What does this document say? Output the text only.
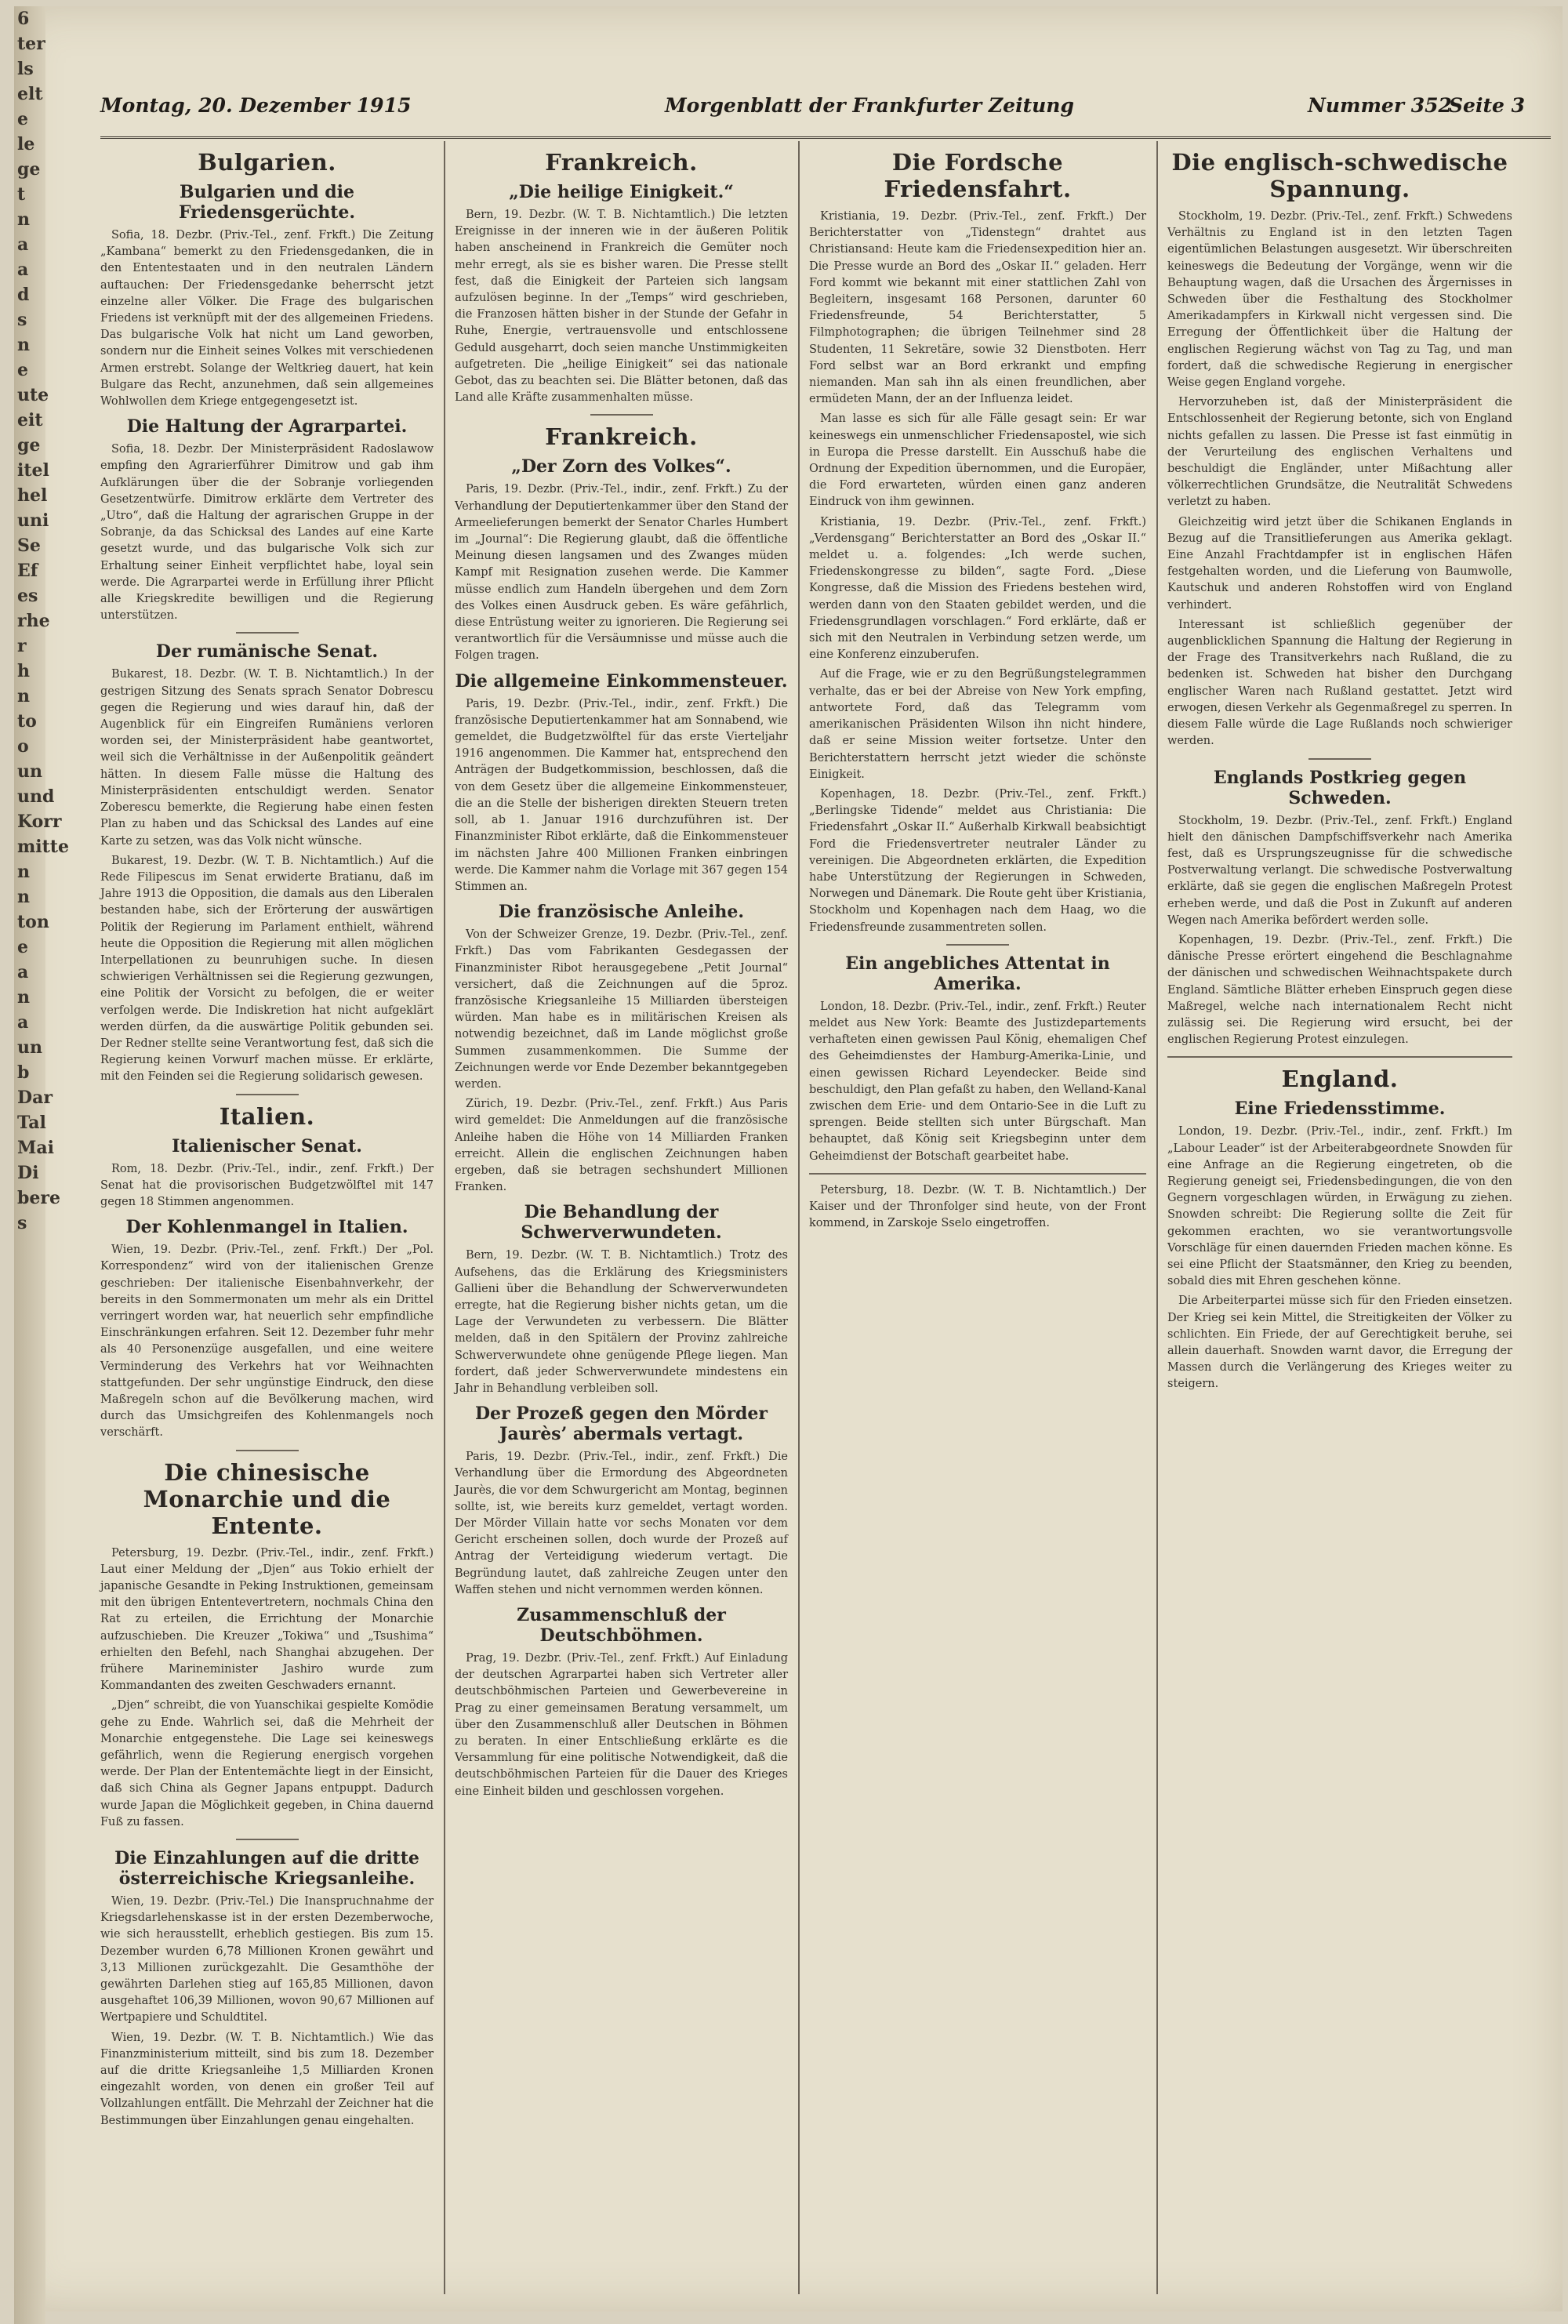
6
ter
ls
elt
e
le
ge
t
n
a
a
d
s
n
e
ute
eit
ge
itel
hel
uni
Se
Ef
es
rhe
r
h
n
to
o
un
und
Korr
mitte
n
n
ton
e
a
n
a
un
b
Dar
Tal
Mai
Di
bere
s
Montag, 20. Dezember 1915	Morgenblatt der Frankfurter Zeitung	Nummer 352
Seite 3
Bulgarien.
Bulgarien und die Friedensgerüchte.

Sofia, 18. Dezbr. (Priv.-Tel., zenf. Frkft.) Die Zeitung „Kambana“ bemerkt zu den Friedensgedanken, die in den Ententestaaten und in den neutralen Ländern auftauchen: Der Friedensgedanke beherrscht jetzt einzelne aller Völker. Die Frage des bulgarischen Friedens ist verknüpft mit der des allgemeinen Friedens. Das bulgarische Volk hat nicht um Land geworben, sondern nur die Einheit seines Volkes mit verschiedenen Armen erstrebt. Solange der Weltkrieg dauert, hat kein Bulgare das Recht, anzunehmen, daß sein allgemeines Wohlwollen dem Kriege entgegengesetzt ist.

Die Haltung der Agrarpartei.

Sofia, 18. Dezbr. Der Ministerpräsident Radoslawow empfing den Agrarierführer Dimitrow und gab ihm Aufklärungen über die der Sobranje vorliegenden Gesetzentwürfe. Dimitrow erklärte dem Vertreter des „Utro“, daß die Haltung der agrarischen Gruppe in der Sobranje, da das Schicksal des Landes auf eine Karte gesetzt wurde, und das bulgarische Volk sich zur Erhaltung seiner Einheit verpflichtet habe, loyal sein werde. Die Agrarpartei werde in Erfüllung ihrer Pflicht alle Kriegskredite bewilligen und die Regierung unterstützen.

Der rumänische Senat.

Bukarest, 18. Dezbr. (W. T. B. Nichtamtlich.) In der gestrigen Sitzung des Senats sprach Senator Dobrescu gegen die Regierung und wies darauf hin, daß der Augenblick für ein Eingreifen Rumäniens verloren worden sei, der Ministerpräsident habe geantwortet, weil sich die Verhältnisse in der Außenpolitik geändert hätten. In diesem Falle müsse die Haltung des Ministerpräsidenten entschuldigt werden. Senator Zoberescu bemerkte, die Regierung habe einen festen Plan zu haben und das Schicksal des Landes auf eine Karte zu setzen, was das Volk nicht wünsche.

Bukarest, 19. Dezbr. (W. T. B. Nichtamtlich.) Auf die Rede Filipescus im Senat erwiderte Bratianu, daß im Jahre 1913 die Opposition, die damals aus den Liberalen bestanden habe, sich der Erörterung der auswärtigen Politik der Regierung im Parlament enthielt, während heute die Opposition die Regierung mit allen möglichen Interpellationen zu beunruhigen suche. In diesen schwierigen Verhältnissen sei die Regierung gezwungen, eine Politik der Vorsicht zu befolgen, die er weiter verfolgen werde. Die Indiskretion hat nicht aufgeklärt werden dürfen, da die auswärtige Politik gebunden sei. Der Redner stellte seine Verantwortung fest, daß sich die Regierung keinen Vorwurf machen müsse. Er erklärte, mit den Feinden sei die Regierung solidarisch gewesen.

Italien.
Italienischer Senat.

Rom, 18. Dezbr. (Priv.-Tel., indir., zenf. Frkft.) Der Senat hat die provisorischen Budgetzwölftel mit 147 gegen 18 Stimmen angenommen.

Der Kohlenmangel in Italien.

Wien, 19. Dezbr. (Priv.-Tel., zenf. Frkft.) Der „Pol. Korrespondenz“ wird von der italienischen Grenze geschrieben: Der italienische Eisenbahnverkehr, der bereits in den Sommermonaten um mehr als ein Drittel verringert worden war, hat neuerlich sehr empfindliche Einschränkungen erfahren. Seit 12. Dezember fuhr mehr als 40 Personenzüge ausgefallen, und eine weitere Verminderung des Verkehrs hat vor Weihnachten stattgefunden. Der sehr ungünstige Eindruck, den diese Maßregeln schon auf die Bevölkerung machen, wird durch das Umsichgreifen des Kohlenmangels noch verschärft.

Die chinesische Monarchie und die Entente.

Petersburg, 19. Dezbr. (Priv.-Tel., indir., zenf. Frkft.) Laut einer Meldung der „Djen“ aus Tokio erhielt der japanische Gesandte in Peking Instruktionen, gemeinsam mit den übrigen Ententevertretern, nochmals China den Rat zu erteilen, die Errichtung der Monarchie aufzuschieben. Die Kreuzer „Tokiwa“ und „Tsushima“ erhielten den Befehl, nach Shanghai abzugehen. Der frühere Marineminister Jashiro wurde zum Kommandanten des zweiten Geschwaders ernannt.

„Djen“ schreibt, die von Yuanschikai gespielte Komödie gehe zu Ende. Wahrlich sei, daß die Mehrheit der Monarchie entgegenstehe. Die Lage sei keineswegs gefährlich, wenn die Regierung energisch vorgehen werde. Der Plan der Ententemächte liegt in der Einsicht, daß sich China als Gegner Japans entpuppt. Dadurch wurde Japan die Möglichkeit gegeben, in China dauernd Fuß zu fassen.

Die Einzahlungen auf die dritte österreichische Kriegsanleihe.

Wien, 19. Dezbr. (Priv.-Tel.) Die Inanspruchnahme der Kriegsdarlehenskasse ist in der ersten Dezemberwoche, wie sich herausstellt, erheblich gestiegen. Bis zum 15. Dezember wurden 6,78 Millionen Kronen gewährt und 3,13 Millionen zurückgezahlt. Die Gesamthöhe der gewährten Darlehen stieg auf 165,85 Millionen, davon ausgehaftet 106,39 Millionen, wovon 90,67 Millionen auf Wertpapiere und Schuldtitel.

Wien, 19. Dezbr. (W. T. B. Nichtamtlich.) Wie das Finanzministerium mitteilt, sind bis zum 18. Dezember auf die dritte Kriegsanleihe 1,5 Milliarden Kronen eingezahlt worden, von denen ein großer Teil auf Vollzahlungen entfällt. Die Mehrzahl der Zeichner hat die Bestimmungen über Einzahlungen genau eingehalten.

Frankreich.
„Die heilige Einigkeit.“

Bern, 19. Dezbr. (W. T. B. Nichtamtlich.) Die letzten Ereignisse in der inneren wie in der äußeren Politik haben anscheinend in Frankreich die Gemüter noch mehr erregt, als sie es bisher waren. Die Presse stellt fest, daß die Einigkeit der Parteien sich langsam aufzulösen beginne. In der „Temps“ wird geschrieben, die Franzosen hätten bisher in der Stunde der Gefahr in Ruhe, Energie, vertrauensvolle und entschlossene Geduld ausgeharrt, doch seien manche Unstimmigkeiten aufgetreten. Die „heilige Einigkeit“ sei das nationale Gebot, das zu beachten sei. Die Blätter betonen, daß das Land alle Kräfte zusammenhalten müsse.

Frankreich.
„Der Zorn des Volkes“.

Paris, 19. Dezbr. (Priv.-Tel., indir., zenf. Frkft.) Zu der Verhandlung der Deputiertenkammer über den Stand der Armeelieferungen bemerkt der Senator Charles Humbert im „Journal“: Die Regierung glaubt, daß die öffentliche Meinung diesen langsamen und des Zwanges müden Kampf mit Resignation zusehen werde. Die Kammer müsse endlich zum Handeln übergehen und dem Zorn des Volkes einen Ausdruck geben. Es wäre gefährlich, diese Entrüstung weiter zu ignorieren. Die Regierung sei verantwortlich für die Versäumnisse und müsse auch die Folgen tragen.

Die allgemeine Einkommensteuer.

Paris, 19. Dezbr. (Priv.-Tel., indir., zenf. Frkft.) Die französische Deputiertenkammer hat am Sonnabend, wie gemeldet, die Budgetzwölftel für das erste Vierteljahr 1916 angenommen. Die Kammer hat, entsprechend den Anträgen der Budgetkommission, beschlossen, daß die von dem Gesetz über die allgemeine Einkommensteuer, die an die Stelle der bisherigen direkten Steuern treten soll, ab 1. Januar 1916 durchzuführen ist. Der Finanzminister Ribot erklärte, daß die Einkommensteuer im nächsten Jahre 400 Millionen Franken einbringen werde. Die Kammer nahm die Vorlage mit 367 gegen 154 Stimmen an.

Die französische Anleihe.

Von der Schweizer Grenze, 19. Dezbr. (Priv.-Tel., zenf. Frkft.) Das vom Fabrikanten Gesdegassen der Finanzminister Ribot herausgegebene „Petit Journal“ versichert, daß die Zeichnungen auf die 5proz. französische Kriegsanleihe 15 Milliarden übersteigen würden. Man habe es in militärischen Kreisen als notwendig bezeichnet, daß im Lande möglichst große Summen zusammenkommen. Die Summe der Zeichnungen werde vor Ende Dezember bekanntgegeben werden.

Zürich, 19. Dezbr. (Priv.-Tel., zenf. Frkft.) Aus Paris wird gemeldet: Die Anmeldungen auf die französische Anleihe haben die Höhe von 14 Milliarden Franken erreicht. Allein die englischen Zeichnungen haben ergeben, daß sie betragen sechshundert Millionen Franken.

Die Behandlung der Schwerverwundeten.

Bern, 19. Dezbr. (W. T. B. Nichtamtlich.) Trotz des Aufsehens, das die Erklärung des Kriegsministers Gallieni über die Behandlung der Schwerverwundeten erregte, hat die Regierung bisher nichts getan, um die Lage der Verwundeten zu verbessern. Die Blätter melden, daß in den Spitälern der Provinz zahlreiche Schwerverwundete ohne genügende Pflege liegen. Man fordert, daß jeder Schwerverwundete mindestens ein Jahr in Behandlung verbleiben soll.

Der Prozeß gegen den Mörder Jaurès’ abermals vertagt.

Paris, 19. Dezbr. (Priv.-Tel., indir., zenf. Frkft.) Die Verhandlung über die Ermordung des Abgeordneten Jaurès, die vor dem Schwurgericht am Montag, beginnen sollte, ist, wie bereits kurz gemeldet, vertagt worden. Der Mörder Villain hatte vor sechs Monaten vor dem Gericht erscheinen sollen, doch wurde der Prozeß auf Antrag der Verteidigung wiederum vertagt. Die Begründung lautet, daß zahlreiche Zeugen unter den Waffen stehen und nicht vernommen werden können.

Zusammenschluß der Deutschböhmen.

Prag, 19. Dezbr. (Priv.-Tel., zenf. Frkft.) Auf Einladung der deutschen Agrarpartei haben sich Vertreter aller deutschböhmischen Parteien und Gewerbevereine in Prag zu einer gemeinsamen Beratung versammelt, um über den Zusammenschluß aller Deutschen in Böhmen zu beraten. In einer Entschließung erklärte es die Versammlung für eine politische Notwendigkeit, daß die deutschböhmischen Parteien für die Dauer des Krieges eine Einheit bilden und geschlossen vorgehen.

Die Fordsche Friedensfahrt.

Kristiania, 19. Dezbr. (Priv.-Tel., zenf. Frkft.) Der Berichterstatter von „Tidenstegn“ drahtet aus Christiansand: Heute kam die Friedensexpedition hier an. Die Presse wurde an Bord des „Oskar II.“ geladen. Herr Ford kommt wie bekannt mit einer stattlichen Zahl von Begleitern, insgesamt 168 Personen, darunter 60 Friedensfreunde, 54 Berichterstatter, 5 Filmphotographen; die übrigen Teilnehmer sind 28 Studenten, 11 Sekretäre, sowie 32 Dienstboten. Herr Ford selbst war an Bord erkrankt und empfing niemanden. Man sah ihn als einen freundlichen, aber ermüdeten Mann, der an der Influenza leidet.

Man lasse es sich für alle Fälle gesagt sein: Er war keineswegs ein unmenschlicher Friedensapostel, wie sich in Europa die Presse darstellt. Ein Ausschuß habe die Ordnung der Expedition übernommen, und die Europäer, die Ford erwarteten, würden einen ganz anderen Eindruck von ihm gewinnen.

Kristiania, 19. Dezbr. (Priv.-Tel., zenf. Frkft.) „Verdensgang“ Berichterstatter an Bord des „Oskar II.“ meldet u. a. folgendes: „Ich werde suchen, Friedenskongresse zu bilden“, sagte Ford. „Diese Kongresse, daß die Mission des Friedens bestehen wird, werden dann von den Staaten gebildet werden, und die Friedensgrundlagen vorschlagen.“ Ford erklärte, daß er sich mit den Neutralen in Verbindung setzen werde, um eine Konferenz einzuberufen.

Auf die Frage, wie er zu den Begrüßungstelegrammen verhalte, das er bei der Abreise von New York empfing, antwortete Ford, daß das Telegramm vom amerikanischen Präsidenten Wilson ihn nicht hindere, daß er seine Mission weiter fortsetze. Unter den Berichterstattern herrscht jetzt wieder die schönste Einigkeit.

Kopenhagen, 18. Dezbr. (Priv.-Tel., zenf. Frkft.) „Berlingske Tidende“ meldet aus Christiania: Die Friedensfahrt „Oskar II.“ Außerhalb Kirkwall beabsichtigt Ford die Friedensvertreter neutraler Länder zu vereinigen. Die Abgeordneten erklärten, die Expedition habe Unterstützung der Regierungen in Schweden, Norwegen und Dänemark. Die Route geht über Kristiania, Stockholm und Kopenhagen nach dem Haag, wo die Friedensfreunde zusammentreten sollen.

Ein angebliches Attentat in Amerika.

London, 18. Dezbr. (Priv.-Tel., indir., zenf. Frkft.) Reuter meldet aus New York: Beamte des Justizdepartements verhafteten einen gewissen Paul König, ehemaligen Chef des Geheimdienstes der Hamburg-Amerika-Linie, und einen gewissen Richard Leyendecker. Beide sind beschuldigt, den Plan gefaßt zu haben, den Welland-Kanal zwischen dem Erie- und dem Ontario-See in die Luft zu sprengen. Beide stellten sich unter Bürgschaft. Man behauptet, daß König seit Kriegsbeginn unter dem Geheimdienst der Botschaft gearbeitet habe.

Petersburg, 18. Dezbr. (W. T. B. Nichtamtlich.) Der Kaiser und der Thronfolger sind heute, von der Front kommend, in Zarskoje Sselo eingetroffen.

Die englisch-schwedische Spannung.

Stockholm, 19. Dezbr. (Priv.-Tel., zenf. Frkft.) Schwedens Verhältnis zu England ist in den letzten Tagen eigentümlichen Belastungen ausgesetzt. Wir überschreiten keineswegs die Bedeutung der Vorgänge, wenn wir die Behauptung wagen, daß die Ursachen des Ärgernisses in Schweden über die Festhaltung des Stockholmer Amerikadampfers in Kirkwall nicht vergessen sind. Die Erregung der Öffentlichkeit über die Haltung der englischen Regierung wächst von Tag zu Tag, und man fordert, daß die schwedische Regierung in energischer Weise gegen England vorgehe.

Hervorzuheben ist, daß der Ministerpräsident die Entschlossenheit der Regierung betonte, sich von England nichts gefallen zu lassen. Die Presse ist fast einmütig in der Verurteilung des englischen Verhaltens und beschuldigt die Engländer, unter Mißachtung aller völkerrechtlichen Grundsätze, die Neutralität Schwedens verletzt zu haben.

Gleichzeitig wird jetzt über die Schikanen Englands in Bezug auf die Transitlieferungen aus Amerika geklagt. Eine Anzahl Frachtdampfer ist in englischen Häfen festgehalten worden, und die Lieferung von Baumwolle, Kautschuk und anderen Rohstoffen wird von England verhindert.

Interessant ist schließlich gegenüber der augenblicklichen Spannung die Haltung der Regierung in der Frage des Transitverkehrs nach Rußland, die zu bedenken ist. Schweden hat bisher den Durchgang englischer Waren nach Rußland gestattet. Jetzt wird erwogen, diesen Verkehr als Gegenmaßregel zu sperren. In diesem Falle würde die Lage Rußlands noch schwieriger werden.

Englands Postkrieg gegen Schweden.

Stockholm, 19. Dezbr. (Priv.-Tel., zenf. Frkft.) England hielt den dänischen Dampfschiffsverkehr nach Amerika fest, daß es Ursprungszeugnisse für die schwedische Postverwaltung verlangt. Die schwedische Postverwaltung erklärte, daß sie gegen die englischen Maßregeln Protest erheben werde, und daß die Post in Zukunft auf anderen Wegen nach Amerika befördert werden solle.

Kopenhagen, 19. Dezbr. (Priv.-Tel., zenf. Frkft.) Die dänische Presse erörtert eingehend die Beschlagnahme der dänischen und schwedischen Weihnachtspakete durch England. Sämtliche Blätter erheben Einspruch gegen diese Maßregel, welche nach internationalem Recht nicht zulässig sei. Die Regierung wird ersucht, bei der englischen Regierung Protest einzulegen.

England.
Eine Friedensstimme.

London, 19. Dezbr. (Priv.-Tel., indir., zenf. Frkft.) Im „Labour Leader“ ist der Arbeiterabgeordnete Snowden für eine Anfrage an die Regierung eingetreten, ob die Regierung geneigt sei, Friedensbedingungen, die von den Gegnern vorgeschlagen würden, in Erwägung zu ziehen. Snowden schreibt: Die Regierung sollte die Zeit für gekommen erachten, wo sie verantwortungsvolle Vorschläge für einen dauernden Frieden machen könne. Es sei eine Pflicht der Staatsmänner, den Krieg zu beenden, sobald dies mit Ehren geschehen könne.

Die Arbeiterpartei müsse sich für den Frieden einsetzen. Der Krieg sei kein Mittel, die Streitigkeiten der Völker zu schlichten. Ein Friede, der auf Gerechtigkeit beruhe, sei allein dauerhaft. Snowden warnt davor, die Erregung der Massen durch die Verlängerung des Krieges weiter zu steigern.
